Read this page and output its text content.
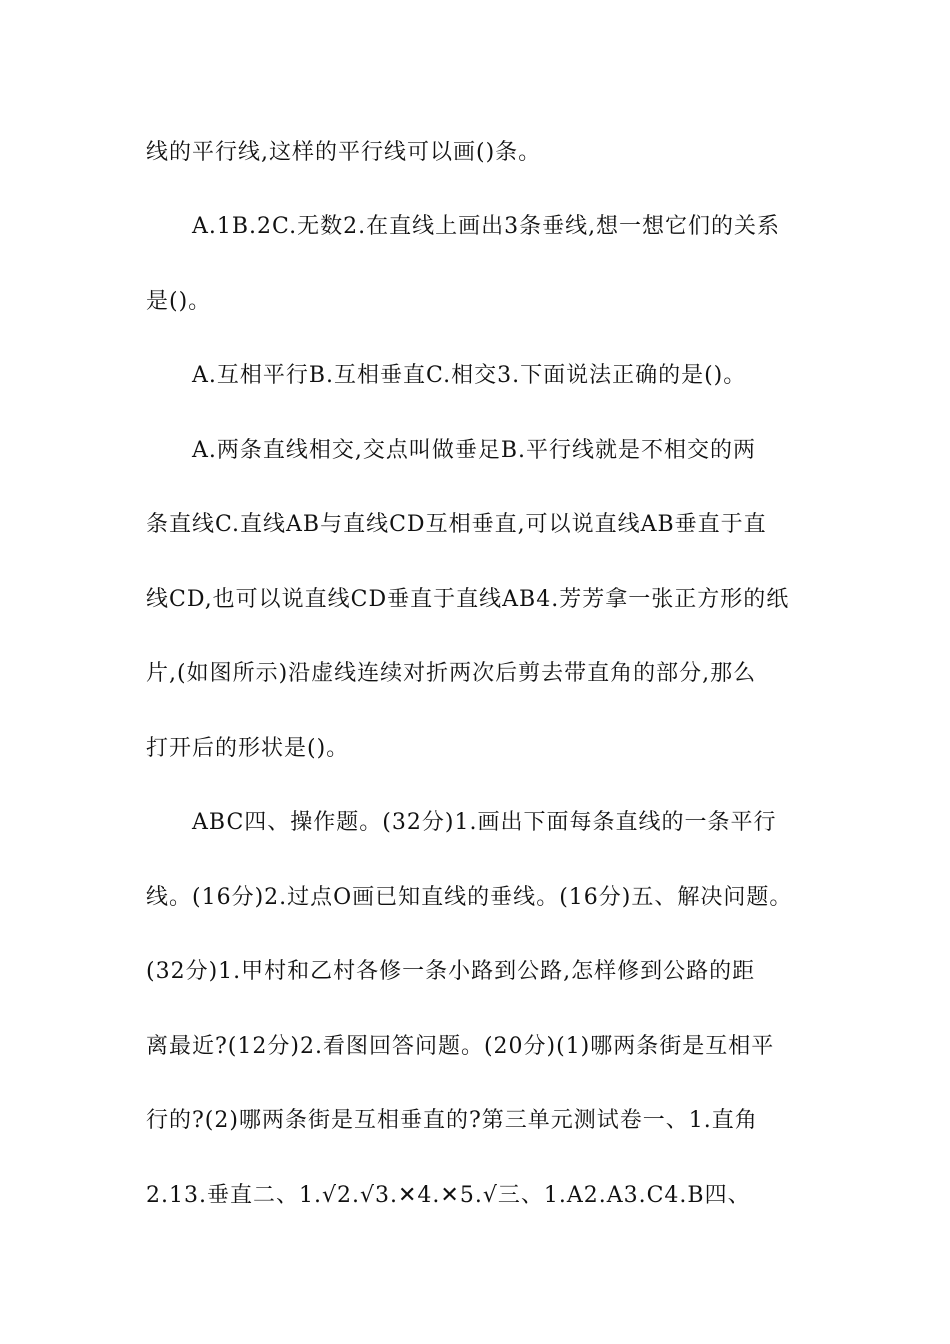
线的平行线,这样的平行线可以画()条。
A.1B.2C.无数2.在直线上画出3条垂线,想一想它们的关系
是()。
A.互相平行B.互相垂直C.相交3.下面说法正确的是()。
A.两条直线相交,交点叫做垂足B.平行线就是不相交的两
条直线C.直线AB与直线CD互相垂直,可以说直线AB垂直于直
线CD,也可以说直线CD垂直于直线AB4.芳芳拿一张正方形的纸
片,(如图所示)沿虚线连续对折两次后剪去带直角的部分,那么
打开后的形状是()。
ABC四、操作题。(32分)1.画出下面每条直线的一条平行
线。(16分)2.过点O画已知直线的垂线。(16分)五、解决问题。
(32分)1.甲村和乙村各修一条小路到公路,怎样修到公路的距
离最近?(12分)2.看图回答问题。(20分)(1)哪两条街是互相平
行的?(2)哪两条街是互相垂直的?第三单元测试卷一、1.直角
2.13.垂直二、1.√2.√3.✕4.✕5.√三、1.A2.A3.C4.B四、
